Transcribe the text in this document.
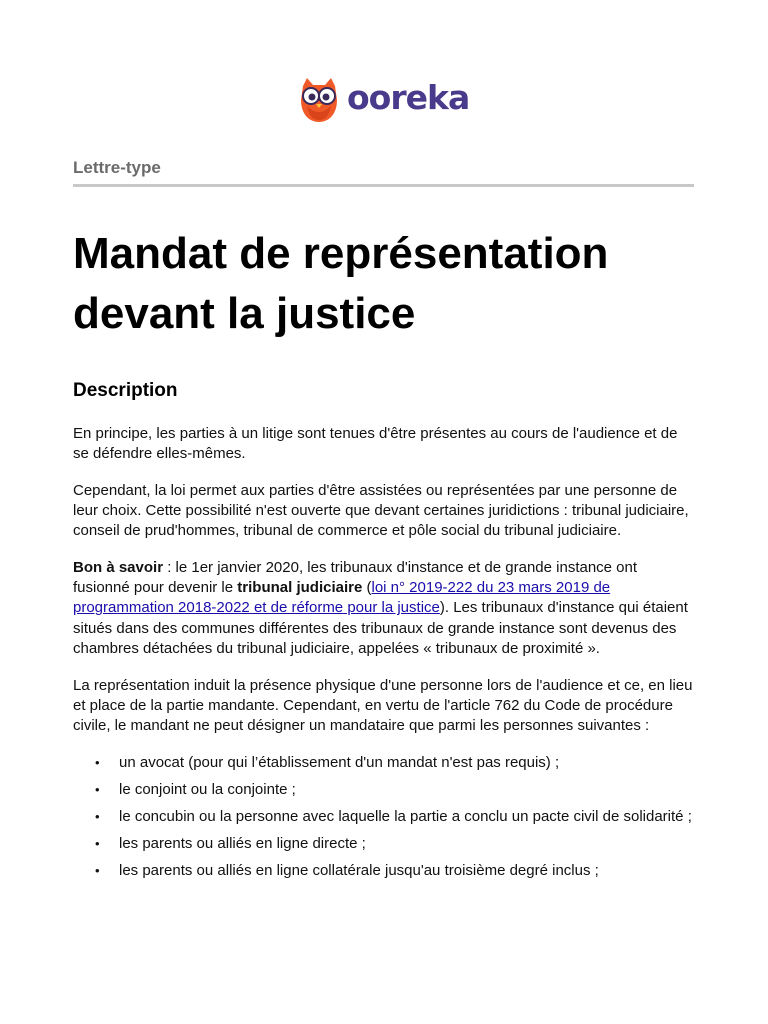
ooreka
Lettre-type
Mandat de représentation devant la justice
Description

En principe, les parties à un litige sont tenues d'être présentes au cours de l'audience et de se défendre elles-mêmes.

Cependant, la loi permet aux parties d'être assistées ou représentées par une personne de leur choix. Cette possibilité n'est ouverte que devant certaines juridictions : tribunal judiciaire, conseil de prud'hommes, tribunal de commerce et pôle social du tribunal judiciaire.

Bon à savoir : le 1er janvier 2020, les tribunaux d'instance et de grande instance ont fusionné pour devenir le tribunal judiciaire (loi n° 2019-222 du 23 mars 2019 de programmation 2018-2022 et de réforme pour la justice). Les tribunaux d'instance qui étaient situés dans des communes différentes des tribunaux de grande instance sont devenus des chambres détachées du tribunal judiciaire, appelées « tribunaux de proximité ».

La représentation induit la présence physique d'une personne lors de l'audience et ce, en lieu et place de la partie mandante. Cependant, en vertu de l'article 762 du Code de procédure civile, le mandant ne peut désigner un mandataire que parmi les personnes suivantes :

• un avocat (pour qui l’établissement d'un mandat n'est pas requis) ;
• le conjoint ou la conjointe ;
• le concubin ou la personne avec laquelle la partie a conclu un pacte civil de solidarité ;
• les parents ou alliés en ligne directe ;
• les parents ou alliés en ligne collatérale jusqu'au troisième degré inclus ;
